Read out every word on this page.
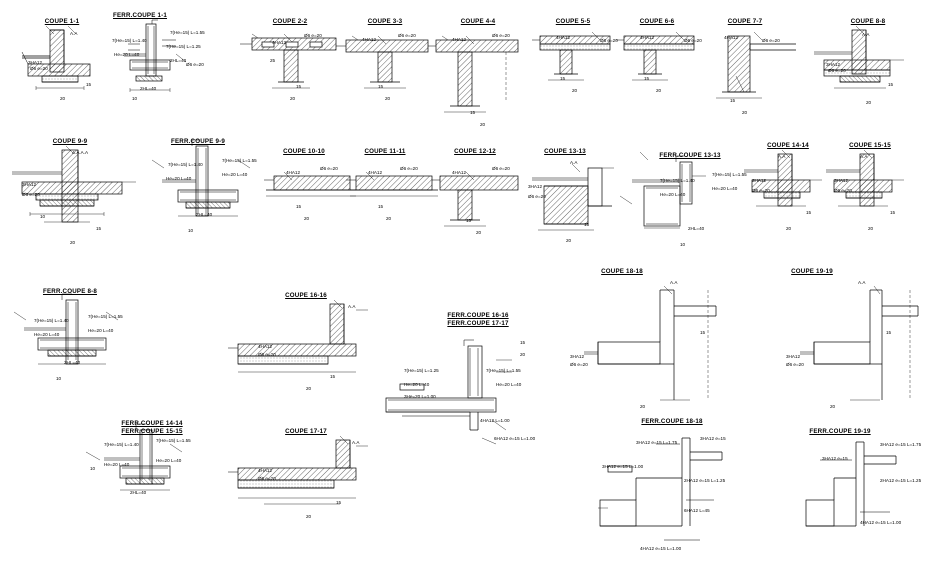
COUPE 1-1
FERR.COUPE 1-1
COUPE 2-2	COUPE 3-3	COUPE 4-4	COUPE 5-5	COUPE 6-6	COUPE 7-7	COUPE 8-8
COUPE 9-9	FERR.COUPE 9-9
COUPE 10-10	COUPE 11-11	COUPE 12-12	COUPE 13-13
FERR.COUPE 13-13
COUPE 14-14	COUPE 15-15
FERR.COUPE 8-8
COUPE 16-16
FERR.COUPE 16-16
FERR.COUPE 17-17
COUPE 18-18	COUPE 19-19
FERR.COUPE 14-14
FERR.COUPE 15-15	COUPE 17-17
FERR.COUPE 18-18
FERR.COUPE 19-19
A.A
3HA12
Ø6 e=20
15
20
7(He=15) L=1.40
7(He=15) L=1.55
He=20 L=40
7(He=15) L=1.25
2HL=40
Ø6 e=20
2HL=40
10
4HA12
Ø6 e=20
25
15
20
4HA12
Ø6 e=20
15
20
4HA12
Ø6 e=20
15
20
4HA12
Ø6 e=20
15
20
4HA12
Ø6 e=20
15
20
4HA12
Ø6 e=20
15
20
A.A
3HA12
Ø6 e=20
15
20
A.A.A.A
3HA12
Ø6 e=20
15
20
10
7(He=15) L=1.40
7(He=15) L=1.55
He=20 L=40
He=20 L=40
2HL=40
10
4HA12
Ø6 e=20
15
20
4HA12
Ø6 e=20
15
20
4HA12
Ø6 e=20
15
20
A.A
3HA12
Ø6 e=20
15
20
7(He=15) L=1.40
7(He=15) L=1.55
He=20 L=40
He=20 L=40
2HL=40
10
A.A
3HA12
Ø6 e=20
15
20
A.A
3HA12
Ø6 e=20
15
20
7(He=15) L=1.40
7(He=15) L=1.55
He=20 L=40
He=20 L=40
2HL=40
10
A.A
4HA12
Ø6 e=20
15
20
7(He=15) L=1.25	7(He=15) L=1.55
He=20 L=40	He=20 L=40
3He=20 L=1.00
15
20
4HA12 L=1.00
6HA12 e=15 L=1.00
A.A
3HA12
Ø6 e=20
15
20
A.A
3HA12
Ø6 e=20
15
20
7(He=15) L=1.40
7(He=15) L=1.55
He=20 L=40
He=20 L=40
2HL=40
10
A.A
4HA12
Ø6 e=20
15
20
3HA12 e=15 L=1.75
3HA12 e=15
2HA12 e=15 L=1.25
3HA12 e=15 L=1.00
6HA12 L=45
4HA12 e=15 L=1.00
3HA12 e=15 L=1.75
3HA12 e=15
2HA12 e=15 L=1.25
4HA12 e=15 L=1.00
